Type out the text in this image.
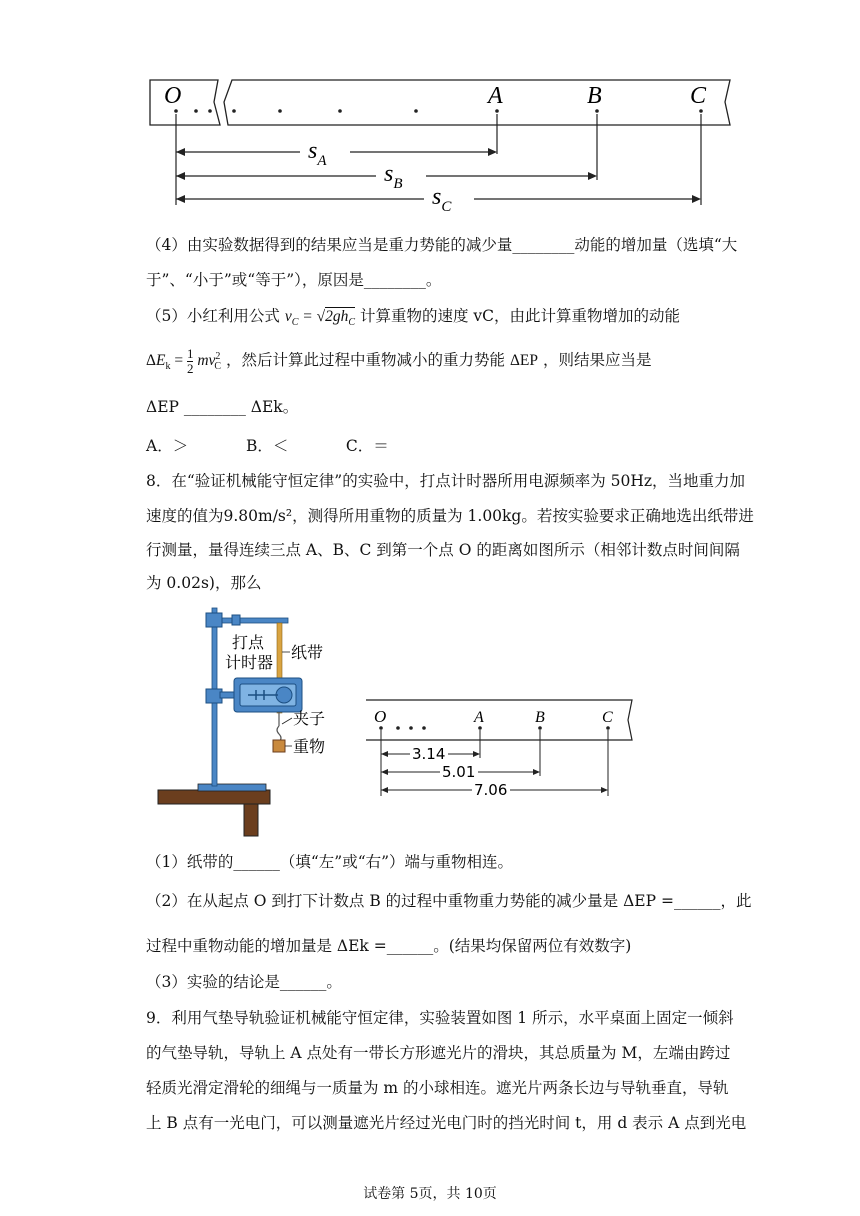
O	A	B	C
$s_A$ $s_B$ $s_C$
（4）由实验数据得到的结果应当是重力势能的减少量________动能的增加量（选填“大
于”、“小于”或“等于”），原因是________。
（5）小红利用公式 $v_C = √2gh_C$ 计算重物的速度 vC，由此计算重物增加的动能
$\Delta E_k = \frac{1}{2} mv^2_C$ ，然后计算此过程中重物减小的重力势能 ΔEP ，则结果应当是
ΔEP ________ ΔEk。
A．＞	B．＜	C．＝
8．在“验证机械能守恒定律”的实验中，打点计时器所用电源频率为 50Hz，当地重力加
速度的值为9.80m/s²，测得所用重物的质量为 1.00kg。若按实验要求正确地选出纸带进
行测量，量得连续三点 A、B、C 到第一个点 O 的距离如图所示（相邻计数点时间间隔
为 0.02s)，那么
打点
计时器
纸带
夹子
重物
O	A	B	C
3.14
5.01
7.06
（1）纸带的______（填“左”或“右”）端与重物相连。
（2）在从起点 O 到打下计数点 B 的过程中重物重力势能的减少量是 ΔEP =______，此
过程中重物动能的增加量是 ΔEk =______。(结果均保留两位有效数字)
（3）实验的结论是______。
9．利用气垫导轨验证机械能守恒定律，实验装置如图 1 所示，水平桌面上固定一倾斜
的气垫导轨，导轨上 A 点处有一带长方形遮光片的滑块，其总质量为 M，左端由跨过
轻质光滑定滑轮的细绳与一质量为 m 的小球相连。遮光片两条长边与导轨垂直，导轨
上 B 点有一光电门，可以测量遮光片经过光电门时的挡光时间 t，用 d 表示 A 点到光电
试卷第 5页，共 10页
